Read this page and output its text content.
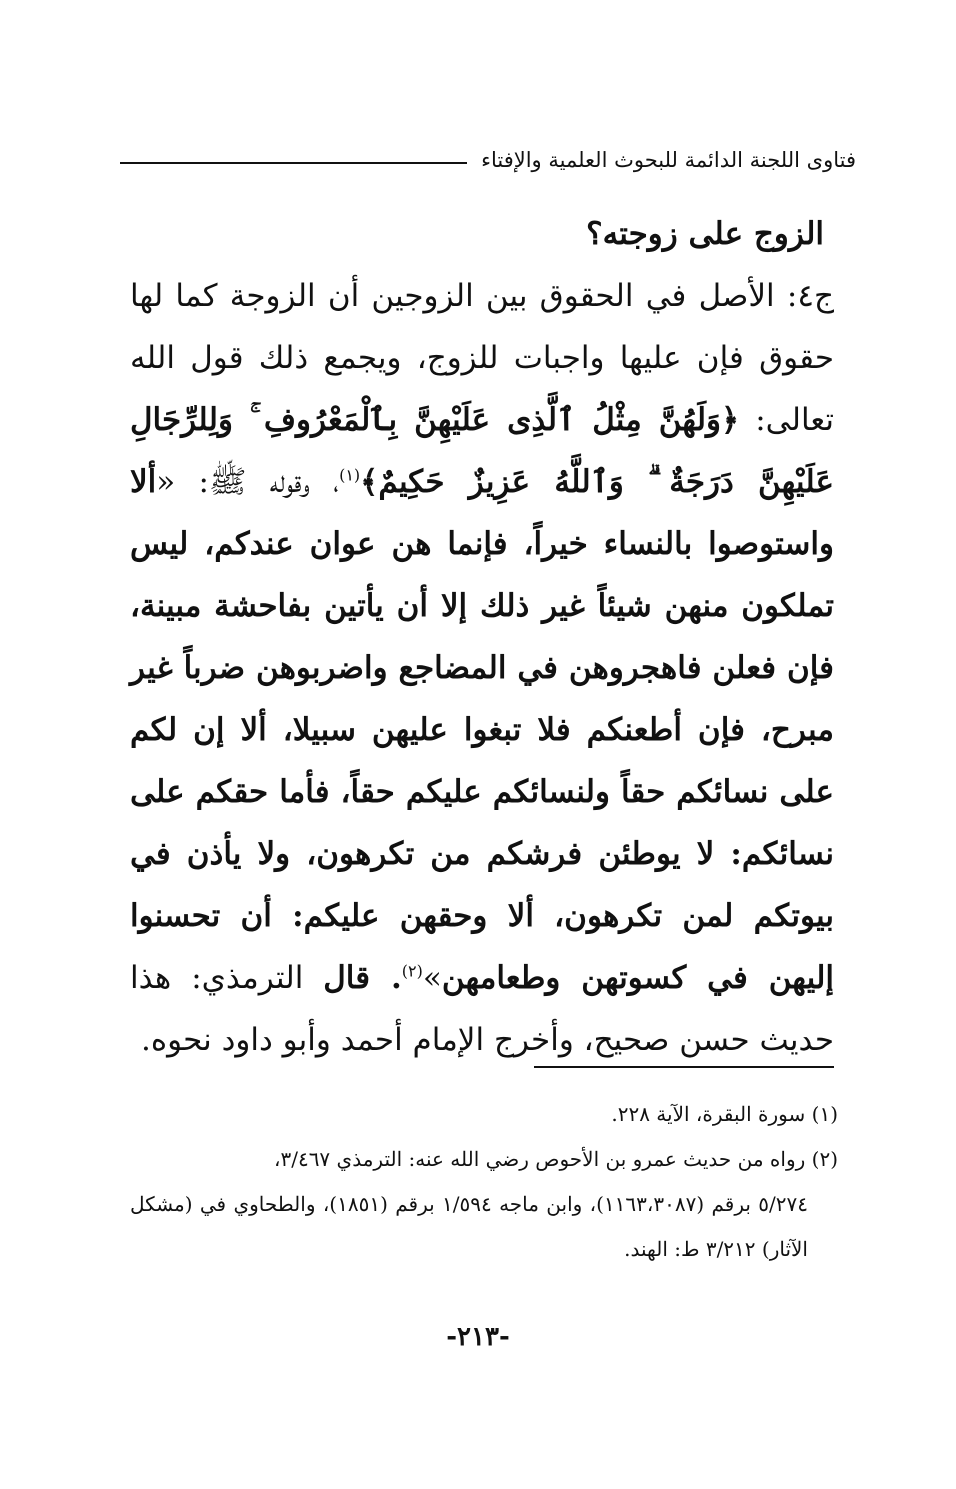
فتاوى اللجنة الدائمة للبحوث العلمية والإفتاء

الزوج على زوجته؟

ج٤: الأصل في الحقوق بين الزوجين أن الزوجة كما لها حقوق فإن عليها واجبات للزوج، ويجمع ذلك قول الله تعالى: ﴿وَلَهُنَّ مِثْلُ ٱلَّذِى عَلَيْهِنَّ بِٱلْمَعْرُوفِ ۚ وَلِلرِّجَالِ عَلَيْهِنَّ دَرَجَةٌ ۗ وَٱللَّهُ عَزِيزٌ حَكِيمٌ﴾$^{(١)}$، وقوله ﷺ: «ألا واستوصوا بالنساء خيراً، فإنما هن عوان عندكم، ليس تملكون منهن شيئاً غير ذلك إلا أن يأتين بفاحشة مبينة، فإن فعلن فاهجروهن في المضاجع واضربوهن ضرباً غير مبرح، فإن أطعنكم فلا تبغوا عليهن سبيلا، ألا إن لكم على نسائكم حقاً ولنسائكم عليكم حقاً، فأما حقكم على نسائكم: لا يوطئن فرشكم من تكرهون، ولا يأذن في بيوتكم لمن تكرهون، ألا وحقهن عليكم: أن تحسنوا إليهن في كسوتهن وطعامهن»$^{(٢)}$. قال الترمذي: هذا حديث حسن صحيح، وأخرج الإمام أحمد وأبو داود نحوه.

(١) سورة البقرة، الآية ٢٢٨.

(٢) رواه من حديث عمرو بن الأحوص رضي الله عنه: الترمذي ٣/٤٦٧،

٥/٢٧٤ برقم (١١٦٣،٣٠٨٧)، وابن ماجه ١/٥٩٤ برقم (١٨٥١)، والطحاوي في (مشكل الآثار) ٣/٢١٢ ط: الهند.

-٢١٣-
